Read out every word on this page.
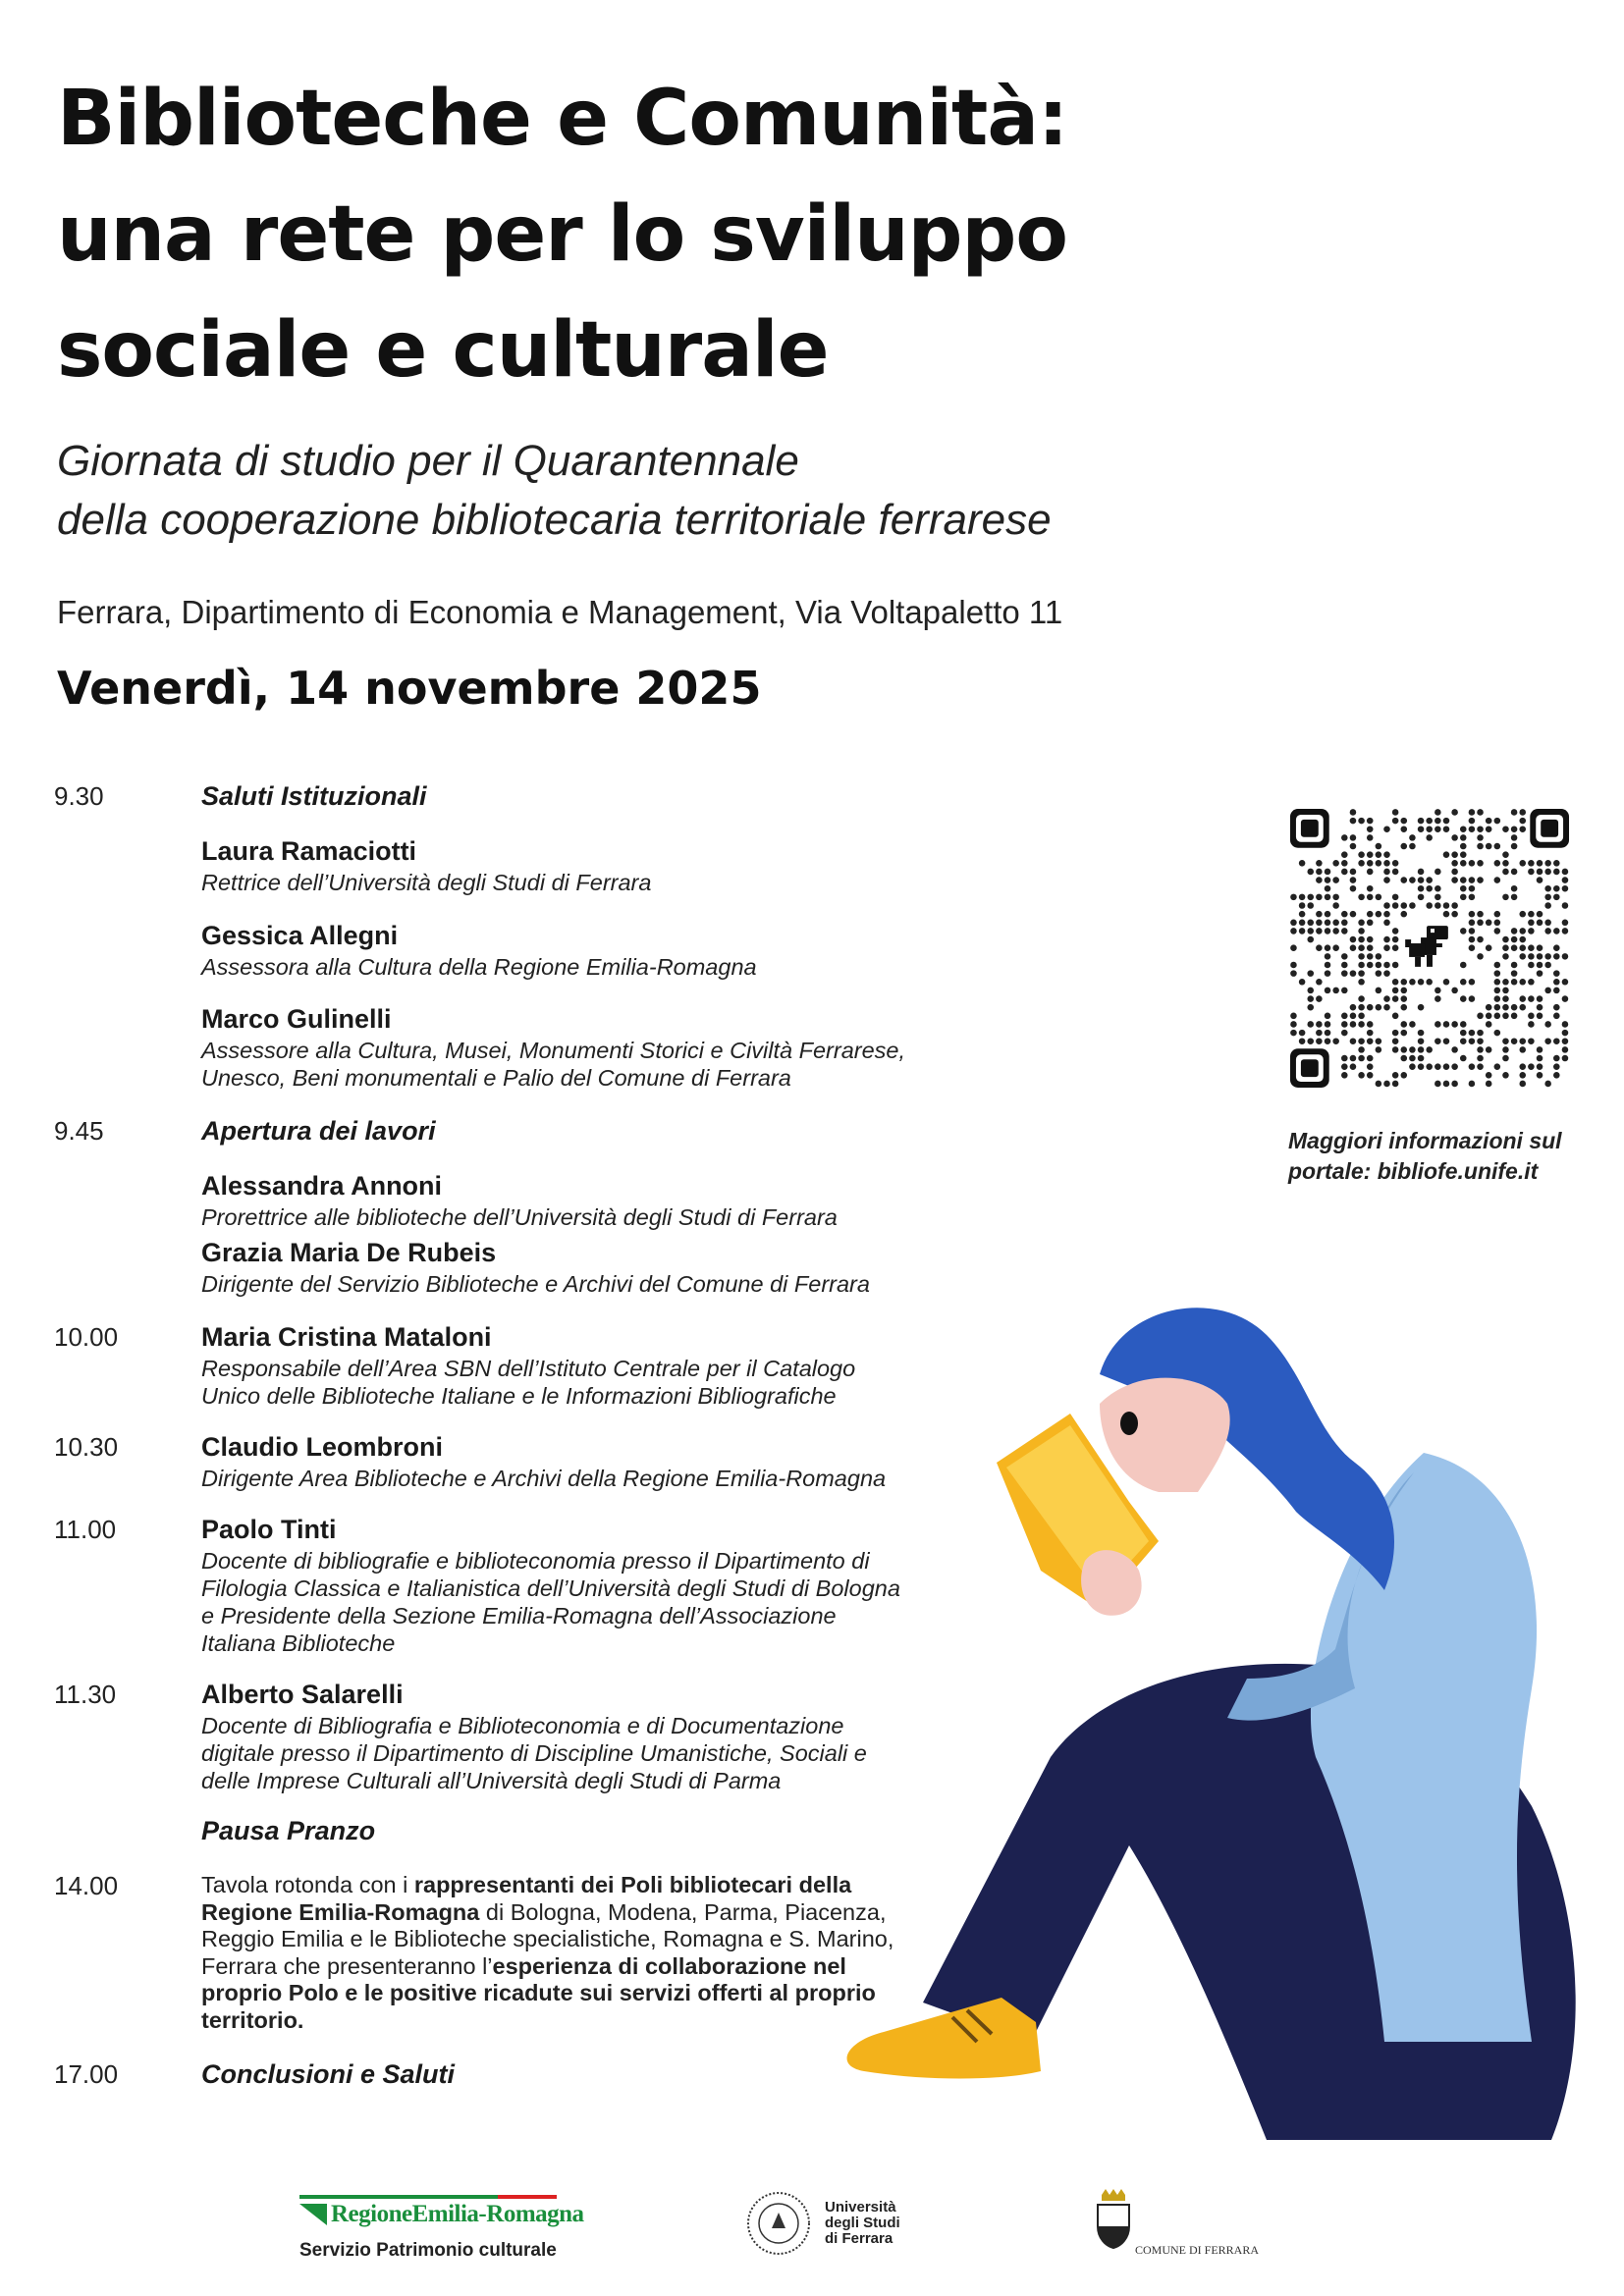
Biblioteche e Comunità:
una rete per lo sviluppo
sociale e culturale
Giornata di studio per il Quarantennale
della cooperazione bibliotecaria territoriale ferrarese
Ferrara, Dipartimento di Economia e Management, Via Voltapaletto 11
Venerdì, 14 novembre 2025
9.30	Saluti Istituzionali
Laura Ramaciotti
Rettrice dell’Università degli Studi di Ferrara
Gessica Allegni
Assessora alla Cultura della Regione Emilia-Romagna
Marco Gulinelli
Assessore alla Cultura, Musei, Monumenti Storici e Civiltà Ferrarese,
Unesco, Beni monumentali e Palio del Comune di Ferrara
9.45	Apertura dei lavori
Alessandra Annoni
Prorettrice alle biblioteche dell’Università degli Studi di Ferrara
Grazia Maria De Rubeis
Dirigente del Servizio Biblioteche e Archivi del Comune di Ferrara
10.00	Maria Cristina Mataloni
Responsabile dell’Area SBN dell’Istituto Centrale per il Catalogo
Unico delle Biblioteche Italiane e le Informazioni Bibliografiche
10.30	Claudio Leombroni
Dirigente Area Biblioteche e Archivi della Regione Emilia-Romagna
11.00	Paolo Tinti
Docente di bibliografie e biblioteconomia presso il Dipartimento di
Filologia Classica e Italianistica dell’Università degli Studi di Bologna
e Presidente della Sezione Emilia-Romagna dell’Associazione
Italiana Biblioteche
11.30	Alberto Salarelli
Docente di Bibliografia e Biblioteconomia e di Documentazione
digitale presso il Dipartimento di Discipline Umanistiche, Sociali e
delle Imprese Culturali all’Università degli Studi di Parma
Pausa Pranzo
14.00	Tavola rotonda con i rappresentanti dei Poli bibliotecari della
Regione Emilia-Romagna di Bologna, Modena, Parma, Piacenza,
Reggio Emilia e le Biblioteche specialistiche, Romagna e S. Marino,
Ferrara che presenteranno l’esperienza di collaborazione nel
proprio Polo e le positive ricadute sui servizi offerti al proprio
territorio.
17.00	Conclusioni e Saluti
Maggiori informazioni sul
portale: bibliofe.unife.it
RegioneEmilia-Romagna
Servizio Patrimonio culturale
Università
degli Studi
di Ferrara
COMUNE DI FERRARA
